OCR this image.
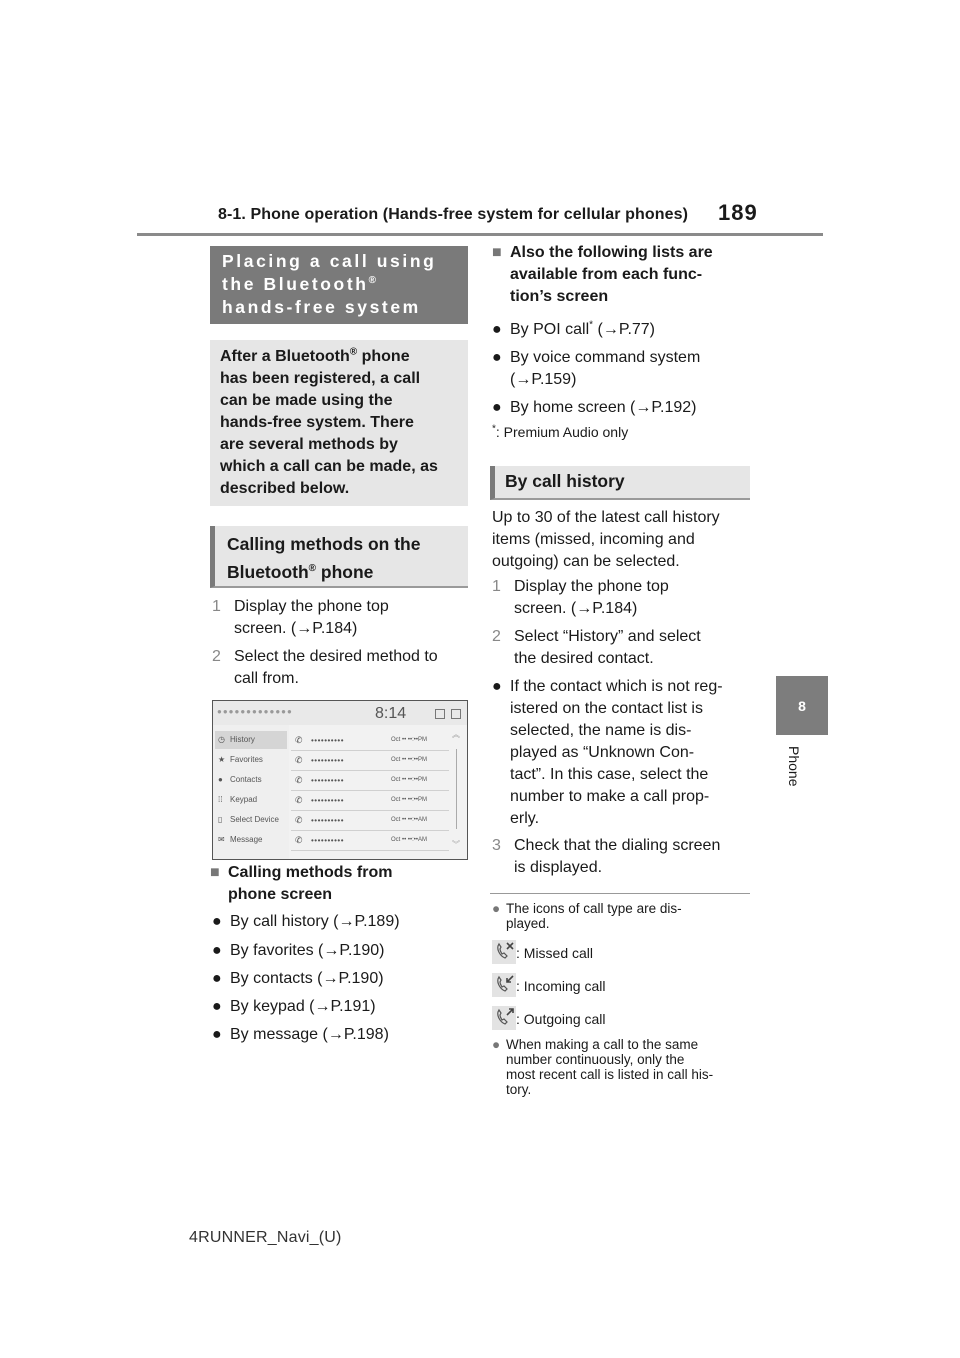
8-1. Phone operation (Hands-free system for cellular phones) 189
8
Phone
Placing a call using
the Bluetooth®
hands-free system
After a Bluetooth® phone
has been registered, a call
can be made using the
hands-free system. There
are several methods by
which a call can be made, as
described below.
Calling methods on the
Bluetooth® phone
1 Display the phone top
screen. (→P.184)
2 Select the desired method to
call from.
●●●●●●●●●●●●●	8:14
◷ History
★ Favorites
● Contacts
⁞⁞ Keypad
▯ Select Device
✉ Message
✆ ••••••••••	Oct •• ••:••PM
✆ ••••••••••	Oct •• ••:••PM
✆ ••••••••••	Oct •• ••:••PM
✆ ••••••••••	Oct •• ••:••PM
✆ ••••••••••	Oct •• ••:••AM
✆ ••••••••••	Oct •• ••:••AM
︽
︾
■ Calling methods from
phone screen
● By call history (→P.189)
● By favorites (→P.190)
● By contacts (→P.190)
● By keypad (→P.191)
● By message (→P.198)
■ Also the following lists are
available from each func-
tion’s screen
● By POI call* (→P.77)
● By voice command system
(→P.159)
● By home screen (→P.192)
*: Premium Audio only
By call history
Up to 30 of the latest call history
items (missed, incoming and
outgoing) can be selected.
1 Display the phone top
screen. (→P.184)
2 Select “History” and select
the desired contact.
● If the contact which is not reg-
istered on the contact list is
selected, the name is dis-
played as “Unknown Con-
tact”. In this case, select the
number to make a call prop-
erly.
3 Check that the dialing screen
is displayed.
● The icons of call type are dis-
played.
: Missed call
: Incoming call
: Outgoing call
● When making a call to the same
number continuously, only the
most recent call is listed in call his-
tory.
4RUNNER_Navi_(U)
